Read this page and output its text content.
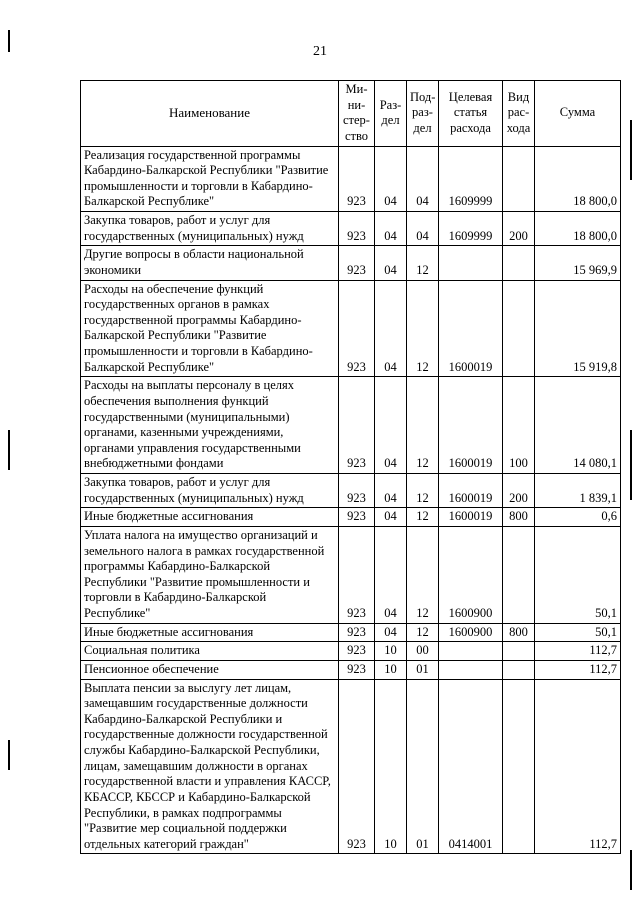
21
Наименование	Ми-
ни-
стер-
ство	Раз-
дел	Под-
раз-
дел	Целевая
статья
расхода	Вид
рас-
хода	Сумма
Реализация государственной программы Кабардино-Балкарской Республики "Развитие промышленности и торговли в Кабардино-Балкарской Республике"	923	04	04	1609999		18 800,0
Закупка товаров, работ и услуг для государственных (муниципальных) нужд	923	04	04	1609999	200	18 800,0
Другие вопросы в области национальной экономики	923	04	12			15 969,9
Расходы на обеспечение функций государственных органов в рамках государственной программы Кабардино-Балкарской Республики "Развитие промышленности и торговли в Кабардино-Балкарской Республике"	923	04	12	1600019		15 919,8
Расходы на выплаты персоналу в целях обеспечения выполнения функций государственными (муниципальными) органами, казенными учреждениями, органами управления государственными внебюджетными фондами	923	04	12	1600019	100	14 080,1
Закупка товаров, работ и услуг для государственных (муниципальных) нужд	923	04	12	1600019	200	1 839,1
Иные бюджетные ассигнования	923	04	12	1600019	800	0,6
Уплата налога на имущество организаций и земельного налога в рамках государственной программы Кабардино-Балкарской Республики "Развитие промышленности и торговли в Кабардино-Балкарской Республике"	923	04	12	1600900		50,1
Иные бюджетные ассигнования	923	04	12	1600900	800	50,1
Социальная политика	923	10	00			112,7
Пенсионное обеспечение	923	10	01			112,7
Выплата пенсии за выслугу лет лицам, замещавшим государственные должности Кабардино-Балкарской Республики и государственные должности государственной службы Кабардино-Балкарской Республики, лицам, замещавшим должности в органах государственной власти и управления КАССР, КБАССР, КБССР и Кабардино-Балкарской Республики, в рамках подпрограммы "Развитие мер социальной поддержки отдельных категорий граждан"	923	10	01	0414001		112,7
